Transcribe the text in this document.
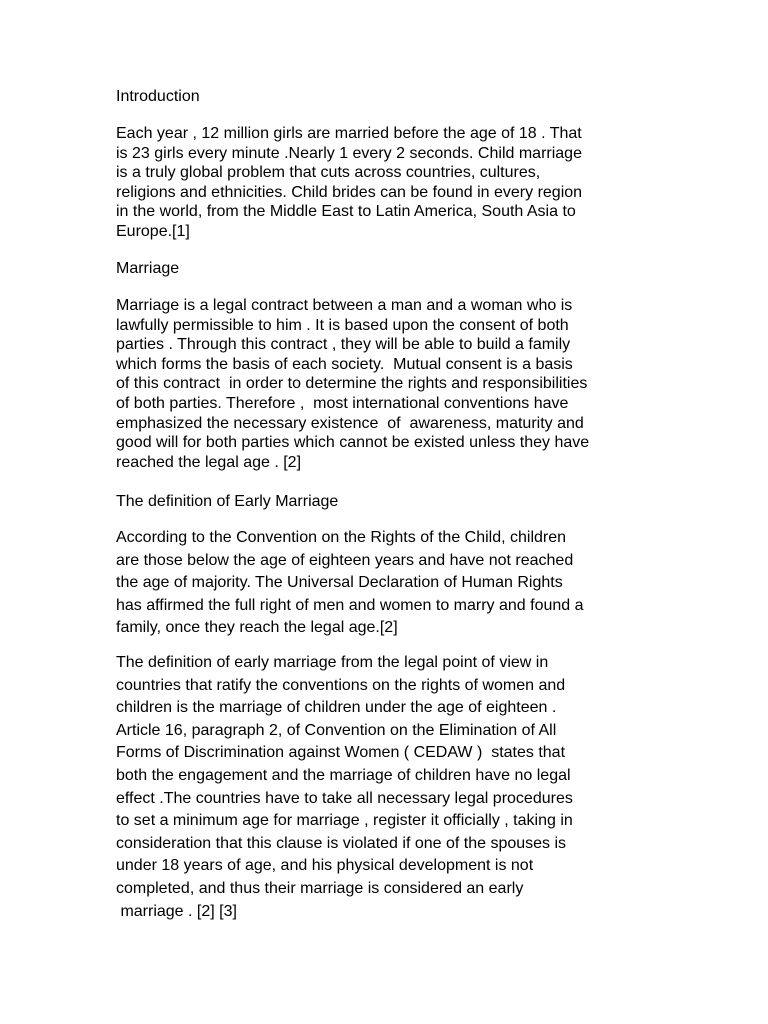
Introduction
Each year , 12 million girls are married before the age of 18 . That
is 23 girls every minute .Nearly 1 every 2 seconds. Child marriage
is a truly global problem that cuts across countries, cultures,
religions and ethnicities. Child brides can be found in every region
in the world, from the Middle East to Latin America, South Asia to
Europe.[1]
Marriage
Marriage is a legal contract between a man and a woman who is
lawfully permissible to him . It is based upon the consent of both
parties . Through this contract , they will be able to build a family
which forms the basis of each society.  Mutual consent is a basis
of this contract  in order to determine the rights and responsibilities
of both parties. Therefore ,  most international conventions have
emphasized the necessary existence  of  awareness, maturity and
good will for both parties which cannot be existed unless they have
reached the legal age . [2]
The definition of Early Marriage
According to the Convention on the Rights of the Child, children
are those below the age of eighteen years and have not reached
the age of majority. The Universal Declaration of Human Rights
has affirmed the full right of men and women to marry and found a
family, once they reach the legal age.[2]
The definition of early marriage from the legal point of view in
countries that ratify the conventions on the rights of women and
children is the marriage of children under the age of eighteen .
Article 16, paragraph 2, of Convention on the Elimination of All
Forms of Discrimination against Women ( CEDAW )  states that
both the engagement and the marriage of children have no legal
effect .The countries have to take all necessary legal procedures
to set a minimum age for marriage , register it officially , taking in
consideration that this clause is violated if one of the spouses is
under 18 years of age, and his physical development is not
completed, and thus their marriage is considered an early
marriage . [2] [3]
